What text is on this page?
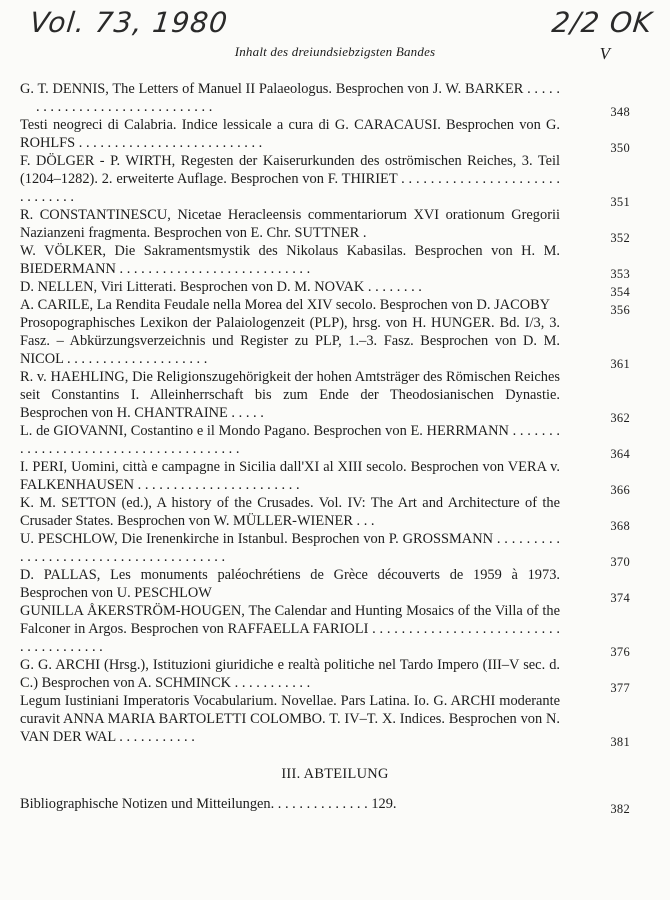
Vol. 73, 1980	2/2 OK
Inhalt des dreiundsiebzigsten Bandes	V

G. T. DENNIS, The Letters of Manuel II Palaeologus. Besprochen von J. W. BARKER . . . . . . . . . . . . . . . . . . . . . . . . . . . . . .	348

Testi neogreci di Calabria. Indice lessicale a cura di G. CARACAUSI. Besprochen von G. ROHLFS . . . . . . . . . . . . . . . . . . . . . . . . . .	350

F. DÖLGER - P. WIRTH, Regesten der Kaiserurkunden des oströmischen Reiches, 3. Teil (1204–1282). 2. erweiterte Auflage. Besprochen von F. THIRIET . . . . . . . . . . . . . . . . . . . . . . . . . . . . . .	351

R. CONSTANTINESCU, Nicetae Heracleensis commentariorum XVI orationum Gregorii Nazianzeni fragmenta. Besprochen von E. Chr. SUTTNER .	352

W. VÖLKER, Die Sakramentsmystik des Nikolaus Kabasilas. Besprochen von H. M. BIEDERMANN . . . . . . . . . . . . . . . . . . . . . . . . . . .	353

D. NELLEN, Viri Litterati. Besprochen von D. M. NOVAK . . . . . . . .	354

A. CARILE, La Rendita Feudale nella Morea del XIV secolo. Besprochen von D. JACOBY	356

Prosopographisches Lexikon der Palaiologenzeit (PLP), hrsg. von H. HUNGER. Bd. I/3, 3. Fasz. – Abkürzungsverzeichnis und Register zu PLP, 1.–3. Fasz. Besprochen von D. M. NICOL . . . . . . . . . . . . . . . . . . . .	361

R. v. HAEHLING, Die Religionszugehörigkeit der hohen Amtsträger des Römischen Reiches seit Constantins I. Alleinherrschaft bis zum Ende der Theodosianischen Dynastie. Besprochen von H. CHANTRAINE . . . . .	362

L. de GIOVANNI, Costantino e il Mondo Pagano. Besprochen von E. HERRMANN . . . . . . . . . . . . . . . . . . . . . . . . . . . . . . . . . . . . . .	364

I. PERI, Uomini, città e campagne in Sicilia dall'XI al XIII secolo. Besprochen von VERA v. FALKENHAUSEN . . . . . . . . . . . . . . . . . . . . . . .	366

K. M. SETTON (ed.), A history of the Crusades. Vol. IV: The Art and Architecture of the Crusader States. Besprochen von W. MÜLLER-WIENER . . .	368

U. PESCHLOW, Die Irenenkirche in Istanbul. Besprochen von P. GROSSMANN . . . . . . . . . . . . . . . . . . . . . . . . . . . . . . . . . . . . . .	370

D. PALLAS, Les monuments paléochrétiens de Grèce découverts de 1959 à 1973. Besprochen von U. PESCHLOW	374

GUNILLA ÅKERSTRÖM-HOUGEN, The Calendar and Hunting Mosaics of the Villa of the Falconer in Argos. Besprochen von RAFFAELLA FARIOLI . . . . . . . . . . . . . . . . . . . . . . . . . . . . . . . . . . . . . .	376

G. G. ARCHI (Hrsg.), Istituzioni giuridiche e realtà politiche nel Tardo Impero (III–V sec. d. C.) Besprochen von A. SCHMINCK . . . . . . . . . . .	377

Legum Iustiniani Imperatoris Vocabularium. Novellae. Pars Latina. Io. G. ARCHI moderante curavit ANNA MARIA BARTOLETTI COLOMBO. T. IV–T. X. Indices. Besprochen von N. VAN DER WAL . . . . . . . . . . .	381
III. ABTEILUNG

Bibliographische Notizen und Mitteilungen. . . . . . . . . . . . . . 129.	382
